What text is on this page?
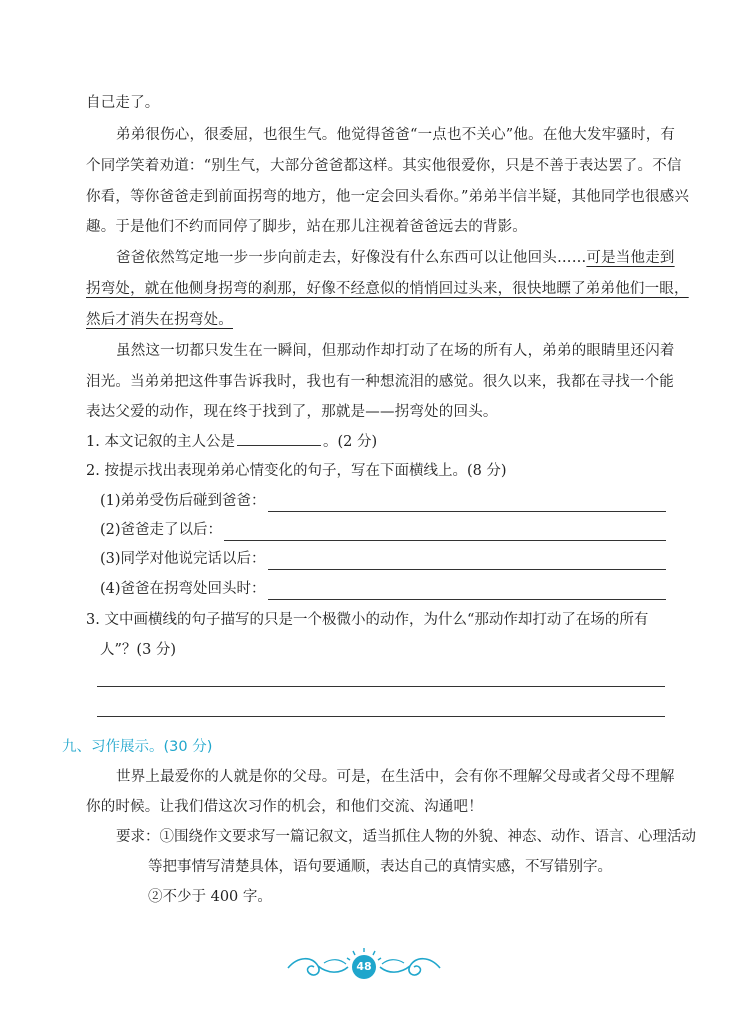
自己走了。
弟弟很伤心，很委屈，也很生气。他觉得爸爸“一点也不关心”他。在他大发牢骚时，有
个同学笑着劝道：“别生气，大部分爸爸都这样。其实他很爱你，只是不善于表达罢了。不信
你看，等你爸爸走到前面拐弯的地方，他一定会回头看你。”弟弟半信半疑，其他同学也很感兴
趣。于是他们不约而同停了脚步，站在那儿注视着爸爸远去的背影。
爸爸依然笃定地一步一步向前走去，好像没有什么东西可以让他回头……可是当他走到
拐弯处，就在他侧身拐弯的刹那，好像不经意似的悄悄回过头来，很快地瞟了弟弟他们一眼，
然后才消失在拐弯处。
虽然这一切都只发生在一瞬间，但那动作却打动了在场的所有人，弟弟的眼睛里还闪着
泪光。当弟弟把这件事告诉我时，我也有一种想流泪的感觉。很久以来，我都在寻找一个能
表达父爱的动作，现在终于找到了，那就是——拐弯处的回头。
1. 本文记叙的主人公是	。(2 分)
2. 按提示找出表现弟弟心情变化的句子，写在下面横线上。(8 分)
(1)弟弟受伤后碰到爸爸：
(2)爸爸走了以后：
(3)同学对他说完话以后：
(4)爸爸在拐弯处回头时：
3. 文中画横线的句子描写的只是一个极微小的动作，为什么“那动作却打动了在场的所有
人”？(3 分)
九、习作展示。(30 分)
世界上最爱你的人就是你的父母。可是，在生活中，会有你不理解父母或者父母不理解
你的时候。让我们借这次习作的机会，和他们交流、沟通吧！
要求：①围绕作文要求写一篇记叙文，适当抓住人物的外貌、神态、动作、语言、心理活动
等把事情写清楚具体，语句要通顺，表达自己的真情实感，不写错别字。
②不少于 400 字。
48
